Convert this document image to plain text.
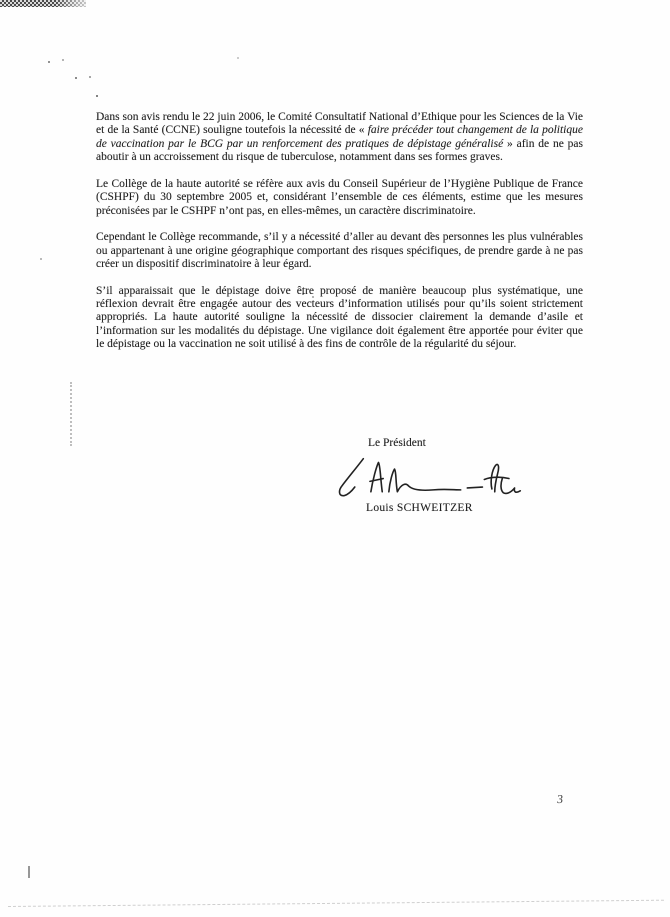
Dans son avis rendu le 22 juin 2006, le Comité Consultatif National d’Ethique pour les Sciences de la Vie et de la Santé (CCNE) souligne toutefois la nécessité de « faire précéder tout changement de la politique de vaccination par le BCG par un renforcement des pratiques de dépistage généralisé » afin de ne pas aboutir à un accroissement du risque de tuberculose, notamment dans ses formes graves.

Le Collège de la haute autorité se réfère aux avis du Conseil Supérieur de l’Hygiène Publique de France (CSHPF) du 30 septembre 2005 et, considérant l’ensemble de ces éléments, estime que les mesures préconisées par le CSHPF n’ont pas, en elles-mêmes, un caractère discriminatoire.

Cependant le Collège recommande, s’il y a nécessité d’aller au devant des personnes les plus vulnérables ou appartenant à une origine géographique comportant des risques spécifiques, de prendre garde à ne pas créer un dispositif discriminatoire à leur égard.

S’il apparaissait que le dépistage doive être proposé de manière beaucoup plus systématique, une réflexion devrait être engagée autour des vecteurs d’information utilisés pour qu’ils soient strictement appropriés. La haute autorité souligne la nécessité de dissocier clairement la demande d’asile et l’information sur les modalités du dépistage. Une vigilance doit également être apportée pour éviter que le dépistage ou la vaccination ne soit utilisé à des fins de contrôle de la régularité du séjour.

Le Président
Louis SCHWEITZER
3
